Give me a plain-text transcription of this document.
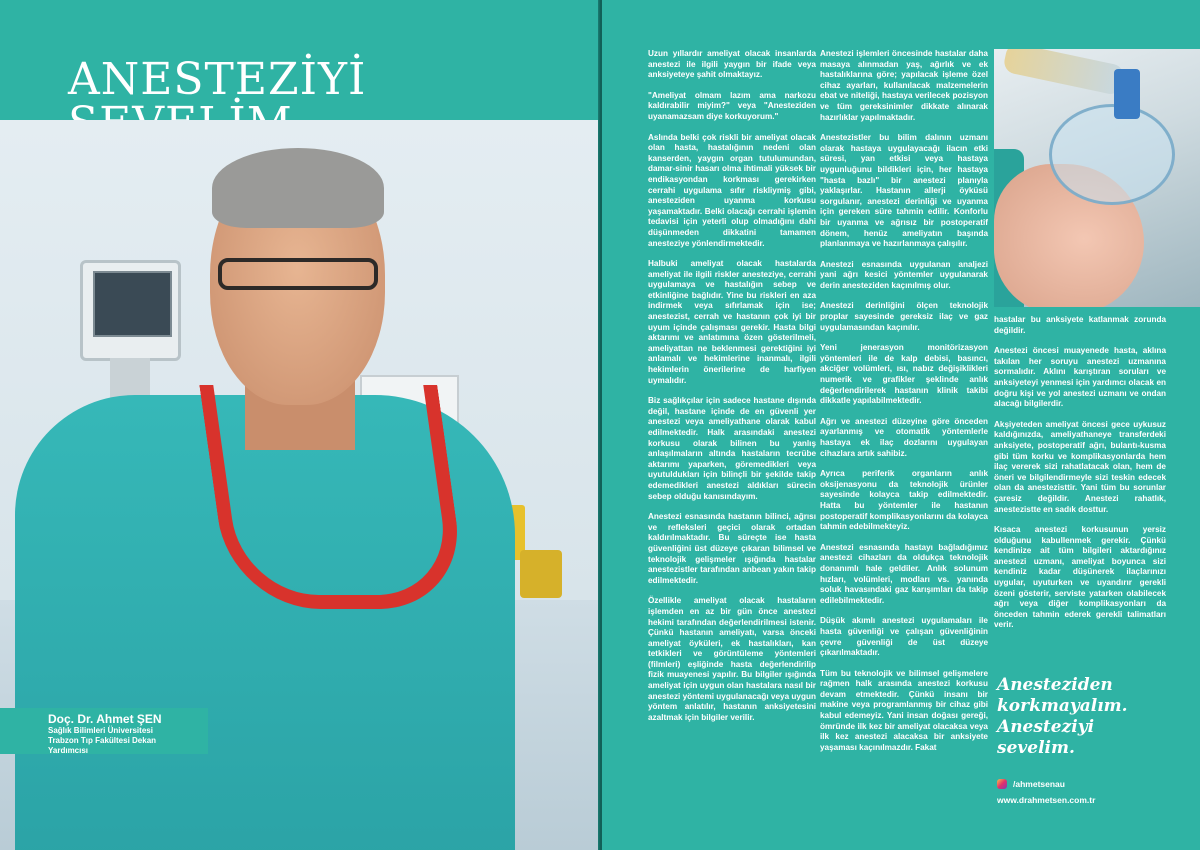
ANESTEZİYİ
Doç. Dr. Ahmet ŞEN
Sağlık Bilimleri Üniversitesi
Trabzon Tıp Fakültesi Dekan Yardımcısı

Uzun yıllardır ameliyat olacak insanlarda anestezi ile ilgili yaygın bir ifade veya anksiyeteye şahit olmaktayız.

"Ameliyat olmam lazım ama narkozu kaldırabilir miyim?" veya "Anesteziden uyanamazsam diye korkuyorum."

Aslında belki çok riskli bir ameliyat olacak olan hasta, hastalığının nedeni olan kanserden, yaygın organ tutulumundan, damar-sinir hasarı olma ihtimali yüksek bir endikasyondan korkması gerekirken cerrahi uygulama sıfır riskliymiş gibi, anesteziden uyanma korkusu yaşamaktadır. Belki olacağı cerrahi işlemin tedavisi için yeterli olup olmadığını dahi düşünmeden dikkatini tamamen anesteziye yönlendirmektedir.

Halbuki ameliyat olacak hastalarda ameliyat ile ilgili riskler anesteziye, cerrahi uygulamaya ve hastalığın sebep ve etkinliğine bağlıdır. Yine bu riskleri en aza indirmek veya sıfırlamak için ise; anestezist, cerrah ve hastanın çok iyi bir uyum içinde çalışması gerekir. Hasta bilgi aktarımı ve anlatımına özen gösterilmeli, ameliyattan ne beklenmesi gerektiğini iyi anlamalı ve hekimlerine inanmalı, ilgili hekimlerin önerilerine de harfiyen uymalıdır.

Biz sağlıkçılar için sadece hastane dışında değil, hastane içinde de en güvenli yer anestezi veya ameliyathane olarak kabul edilmektedir. Halk arasındaki anestezi korkusu olarak bilinen bu yanlış anlaşılmaların altında hastaların tecrübe aktarımı yaparken, göremedikleri veya uyutuldukları için bilinçli bir şekilde takip edemedikleri anestezi aldıkları sürecin sebep olduğu kanısındayım.

Anestezi esnasında hastanın bilinci, ağrısı ve refleksleri geçici olarak ortadan kaldırılmaktadır. Bu süreçte ise hasta güvenliğini üst düzeye çıkaran bilimsel ve teknolojik gelişmeler ışığında hastalar anestezistler tarafından anbean yakın takip edilmektedir.

Özellikle ameliyat olacak hastaların işlemden en az bir gün önce anestezi hekimi tarafından değerlendirilmesi istenir. Çünkü hastanın ameliyatı, varsa önceki ameliyat öyküleri, ek hastalıkları, kan tetkikleri ve görüntüleme yöntemleri (filmleri) eşliğinde hasta değerlendirilip fizik muayenesi yapılır. Bu bilgiler ışığında ameliyat için uygun olan hastalara nasıl bir anestezi yöntemi uygulanacağı veya uygun yöntem anlatılır, hastanın anksiyetesini azaltmak için bilgiler verilir.

Anestezi işlemleri öncesinde hastalar daha masaya alınmadan yaş, ağırlık ve ek hastalıklarına göre; yapılacak işleme özel cihaz ayarları, kullanılacak malzemelerin ebat ve niteliği, hastaya verilecek pozisyon ve tüm gereksinimler dikkate alınarak hazırlıklar yapılmaktadır.

Anestezistler bu bilim dalının uzmanı olarak hastaya uygulayacağı ilacın etki süresi, yan etkisi veya hastaya uygunluğunu bildikleri için, her hastaya "hasta bazlı" bir anestezi planıyla yaklaşırlar. Hastanın allerji öyküsü sorgulanır, anestezi derinliği ve uyanma için gereken süre tahmin edilir. Konforlu bir uyanma ve ağrısız bir postoperatif dönem, henüz ameliyatın başında planlanmaya ve hazırlanmaya çalışılır.

Anestezi esnasında uygulanan analjezi yani ağrı kesici yöntemler uygulanarak derin anesteziden kaçınılmış olur.

Anestezi derinliğini ölçen teknolojik proplar sayesinde gereksiz ilaç ve gaz uygulamasından kaçınılır.

Yeni jenerasyon monitörizasyon yöntemleri ile de kalp debisi, basıncı, akciğer volümleri, ısı, nabız değişiklikleri numerik ve grafikler şeklinde anlık değerlendirilerek hastanın klinik takibi dikkatle yapılabilmektedir.

Ağrı ve anestezi düzeyine göre önceden ayarlanmış ve otomatik yöntemlerle hastaya ek ilaç dozlarını uygulayan cihazlara artık sahibiz.

Ayrıca periferik organların anlık oksijenasyonu da teknolojik ürünler sayesinde kolayca takip edilmektedir. Hatta bu yöntemler ile hastanın postoperatif komplikasyonlarını da kolayca tahmin edebilmekteyiz.

Anestezi esnasında hastayı bağladığımız anestezi cihazları da oldukça teknolojik donanımlı hale geldiler. Anlık solunum hızları, volümleri, modları vs. yanında soluk havasındaki gaz karışımları da takip edilebilmektedir.

Düşük akımlı anestezi uygulamaları ile hasta güvenliği ve çalışan güvenliğinin çevre güvenliği de üst düzeye çıkarılmaktadır.

Tüm bu teknolojik ve bilimsel gelişmelere rağmen halk arasında anestezi korkusu devam etmektedir. Çünkü insanı bir makine veya programlanmış bir cihaz gibi kabul edemeyiz. Yani insan doğası gereği, ömründe ilk kez bir ameliyat olacaksa veya ilk kez anestezi alacaksa bir anksiyete yaşaması kaçınılmazdır. Fakat

hastalar bu anksiyete katlanmak zorunda değildir.

Anestezi öncesi muayenede hasta, aklına takılan her soruyu anestezi uzmanına sormalıdır. Aklını karıştıran soruları ve anksiyeteyi yenmesi için yardımcı olacak en doğru kişi ve yol anestezi uzmanı ve ondan alacağı bilgilerdir.

Akşiyeteden ameliyat öncesi gece uykusuz kaldığınızda, ameliyathaneye transferdeki anksiyete, postoperatif ağrı, bulantı-kusma gibi tüm korku ve komplikasyonlarda hem ilaç vererek sizi rahatlatacak olan, hem de öneri ve bilgilendirmeyle sizi teskin edecek olan da anestezisttir. Yani tüm bu sorunlar çaresiz değildir. Anestezi rahatlık, anestezistte en sadık dosttur.

Kısaca anestezi korkusunun yersiz olduğunu kabullenmek gerekir. Çünkü kendinize ait tüm bilgileri aktardığınız anestezi uzmanı, ameliyat boyunca sizi kendiniz kadar düşünerek ilaçlarınızı uygular, uyuturken ve uyandırır gerekli özeni gösterir, serviste yatarken olabilecek ağrı veya diğer komplikasyonları da önceden tahmin ederek gerekli talimatları verir.

Anesteziden
korkmayalım.
Anesteziyi
sevelim.
/ahmetsenau
www.drahmetsen.com.tr
